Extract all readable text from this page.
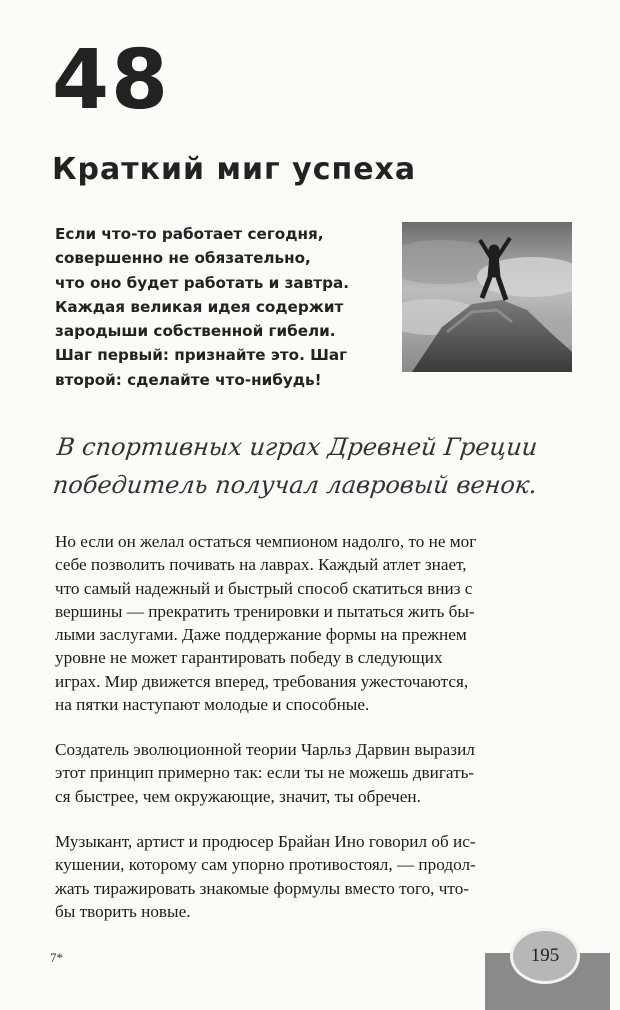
48
Краткий миг успеха
Если что-то работает сегодня,
совершенно не обязательно,
что оно будет работать и завтра.
Каждая великая идея содержит
зародыши собственной гибели.
Шаг первый: признайте это. Шаг
второй: сделайте что-нибудь!
В спортивных играх Древней Греции
победитель получал лавровый венок.
Но если он желал остаться чемпионом надолго, то не мог
себе позволить почивать на лаврах. Каждый атлет знает,
что самый надежный и быстрый способ скатиться вниз с
вершины — прекратить тренировки и пытаться жить бы-
лыми заслугами. Даже поддержание формы на прежнем
уровне не может гарантировать победу в следующих
играх. Мир движется вперед, требования ужесточаются,
на пятки наступают молодые и способные.
Создатель эволюционной теории Чарльз Дарвин выразил
этот принцип примерно так: если ты не можешь двигать-
ся быстрее, чем окружающие, значит, ты обречен.
Музыкант, артист и продюсер Брайан Ино говорил об ис-
кушении, которому сам упорно противостоял, — продол-
жать тиражировать знакомые формулы вместо того, что-
бы творить новые.
7*	195
